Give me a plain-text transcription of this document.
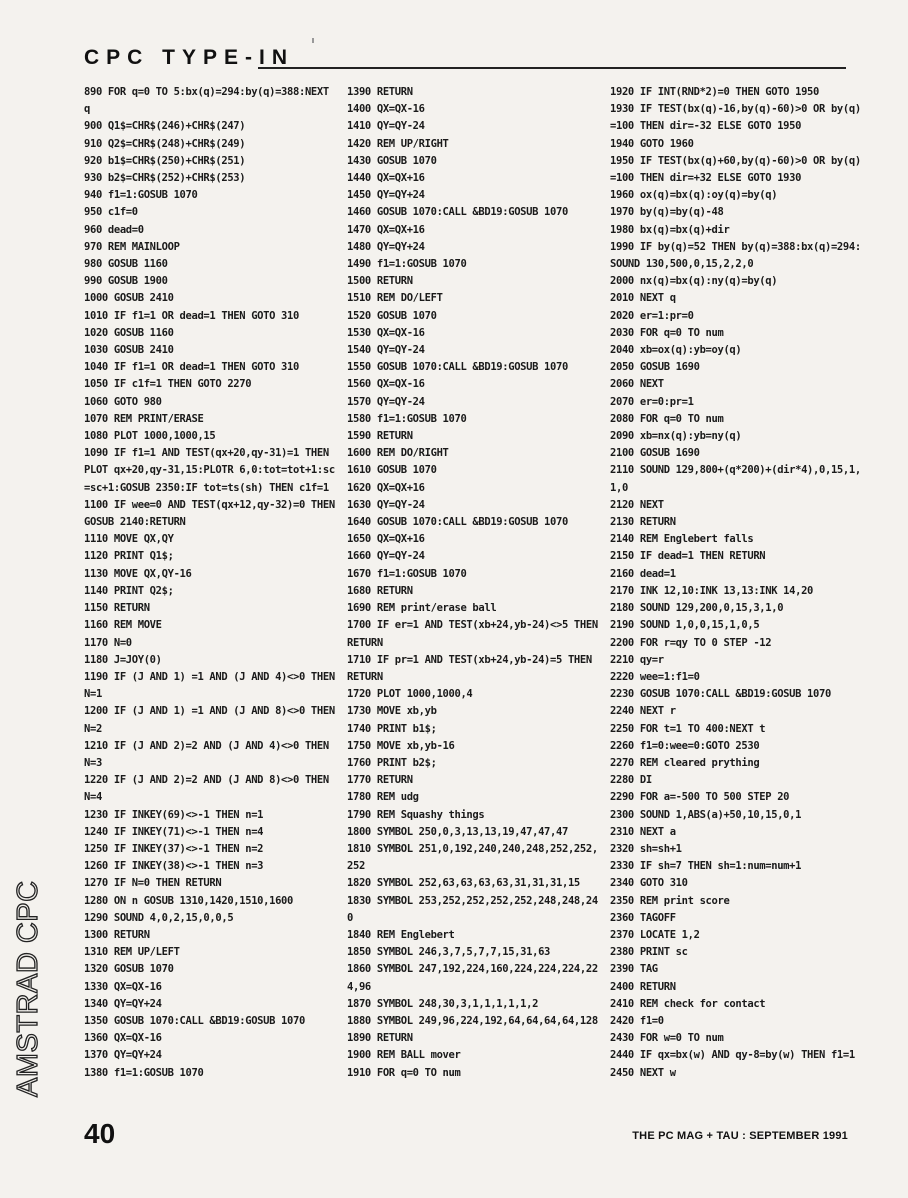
CPC TYPE-IN
890 FOR q=0 TO 5:bx(q)=294:by(q)=388:NEXT q
900 Q1$=CHR$(246)+CHR$(247)
910 Q2$=CHR$(248)+CHR$(249)
920 b1$=CHR$(250)+CHR$(251)
930 b2$=CHR$(252)+CHR$(253)
940 f1=1:GOSUB 1070
950 c1f=0
960 dead=0
970 REM MAINLOOP
980 GOSUB 1160
990 GOSUB 1900
1000 GOSUB 2410
1010 IF f1=1 OR dead=1 THEN GOTO 310
1020 GOSUB 1160
1030 GOSUB 2410
1040 IF f1=1 OR dead=1 THEN GOTO 310
1050 IF c1f=1 THEN GOTO 2270
1060 GOTO 980
1070 REM PRINT/ERASE
1080 PLOT 1000,1000,15
1090 IF f1=1 AND TEST(qx+20,qy-31)=1 THEN PLOT qx+20,qy-31,15:PLOTR 6,0:tot=tot+1:sc=sc+1:GOSUB 2350:IF tot=ts(sh) THEN c1f=1
1100 IF wee=0 AND TEST(qx+12,qy-32)=0 THEN GOSUB 2140:RETURN
1110 MOVE QX,QY
1120 PRINT Q1$;
1130 MOVE QX,QY-16
1140 PRINT Q2$;
1150 RETURN
1160 REM MOVE
1170 N=0
1180 J=JOY(0)
1190 IF (J AND 1) =1 AND (J AND 4)<>0 THEN N=1
1200 IF (J AND 1) =1 AND (J AND 8)<>0 THEN N=2
1210 IF (J AND 2)=2 AND (J AND 4)<>0 THEN N=3
1220 IF (J AND 2)=2 AND (J AND 8)<>0 THEN N=4
1230 IF INKEY(69)<>-1 THEN n=1
1240 IF INKEY(71)<>-1 THEN n=4
1250 IF INKEY(37)<>-1 THEN n=2
1260 IF INKEY(38)<>-1 THEN n=3
1270 IF N=0 THEN RETURN
1280 ON n GOSUB 1310,1420,1510,1600
1290 SOUND 4,0,2,15,0,0,5
1300 RETURN
1310 REM UP/LEFT
1320 GOSUB 1070
1330 QX=QX-16
1340 QY=QY+24
1350 GOSUB 1070:CALL &BD19:GOSUB 1070
1360 QX=QX-16
1370 QY=QY+24
1380 f1=1:GOSUB 1070
1390 RETURN
1400 QX=QX-16
1410 QY=QY-24
1420 REM UP/RIGHT
1430 GOSUB 1070
1440 QX=QX+16
1450 QY=QY+24
1460 GOSUB 1070:CALL &BD19:GOSUB 1070
1470 QX=QX+16
1480 QY=QY+24
1490 f1=1:GOSUB 1070
1500 RETURN
1510 REM DO/LEFT
1520 GOSUB 1070
1530 QX=QX-16
1540 QY=QY-24
1550 GOSUB 1070:CALL &BD19:GOSUB 1070
1560 QX=QX-16
1570 QY=QY-24
1580 f1=1:GOSUB 1070
1590 RETURN
1600 REM DO/RIGHT
1610 GOSUB 1070
1620 QX=QX+16
1630 QY=QY-24
1640 GOSUB 1070:CALL &BD19:GOSUB 1070
1650 QX=QX+16
1660 QY=QY-24
1670 f1=1:GOSUB 1070
1680 RETURN
1690 REM print/erase ball
1700 IF er=1 AND TEST(xb+24,yb-24)<>5 THEN RETURN
1710 IF pr=1 AND TEST(xb+24,yb-24)=5 THEN RETURN
1720 PLOT 1000,1000,4
1730 MOVE xb,yb
1740 PRINT b1$;
1750 MOVE xb,yb-16
1760 PRINT b2$;
1770 RETURN
1780 REM udg
1790 REM Squashy things
1800 SYMBOL 250,0,3,13,13,19,47,47,47
1810 SYMBOL 251,0,192,240,240,248,252,252,252
1820 SYMBOL 252,63,63,63,63,31,31,31,15
1830 SYMBOL 253,252,252,252,252,248,248,240
1840 REM Englebert
1850 SYMBOL 246,3,7,5,7,7,15,31,63
1860 SYMBOL 247,192,224,160,224,224,224,224,96
1870 SYMBOL 248,30,3,1,1,1,1,1,2
1880 SYMBOL 249,96,224,192,64,64,64,64,128
1890 RETURN
1900 REM BALL mover
1910 FOR q=0 TO num
1920 IF INT(RND*2)=0 THEN GOTO 1950
1930 IF TEST(bx(q)-16,by(q)-60)>0 OR by(q)=100 THEN dir=-32 ELSE GOTO 1950
1940 GOTO 1960
1950 IF TEST(bx(q)+60,by(q)-60)>0 OR by(q)=100 THEN dir=+32 ELSE GOTO 1930
1960 ox(q)=bx(q):oy(q)=by(q)
1970 by(q)=by(q)-48
1980 bx(q)=bx(q)+dir
1990 IF by(q)=52 THEN by(q)=388:bx(q)=294:SOUND 130,500,0,15,2,2,0
2000 nx(q)=bx(q):ny(q)=by(q)
2010 NEXT q
2020 er=1:pr=0
2030 FOR q=0 TO num
2040 xb=ox(q):yb=oy(q)
2050 GOSUB 1690
2060 NEXT
2070 er=0:pr=1
2080 FOR q=0 TO num
2090 xb=nx(q):yb=ny(q)
2100 GOSUB 1690
2110 SOUND 129,800+(q*200)+(dir*4),0,15,1,1,0
2120 NEXT
2130 RETURN
2140 REM Englebert falls
2150 IF dead=1 THEN RETURN
2160 dead=1
2170 INK 12,10:INK 13,13:INK 14,20
2180 SOUND 129,200,0,15,3,1,0
2190 SOUND 1,0,0,15,1,0,5
2200 FOR r=qy TO 0 STEP -12
2210 qy=r
2220 wee=1:f1=0
2230 GOSUB 1070:CALL &BD19:GOSUB 1070
2240 NEXT r
2250 FOR t=1 TO 400:NEXT t
2260 f1=0:wee=0:GOTO 2530
2270 REM cleared prything
2280 DI
2290 FOR a=-500 TO 500 STEP 20
2300 SOUND 1,ABS(a)+50,10,15,0,1
2310 NEXT a
2320 sh=sh+1
2330 IF sh=7 THEN sh=1:num=num+1
2340 GOTO 310
2350 REM print score
2360 TAGOFF
2370 LOCATE 1,2
2380 PRINT sc
2390 TAG
2400 RETURN
2410 REM check for contact
2420 f1=0
2430 FOR w=0 TO num
2440 IF qx=bx(w) AND qy-8=by(w) THEN f1=1
2450 NEXT w
AMSTRAD CPC
40	THE PC MAG + TAU : SEPTEMBER 1991
